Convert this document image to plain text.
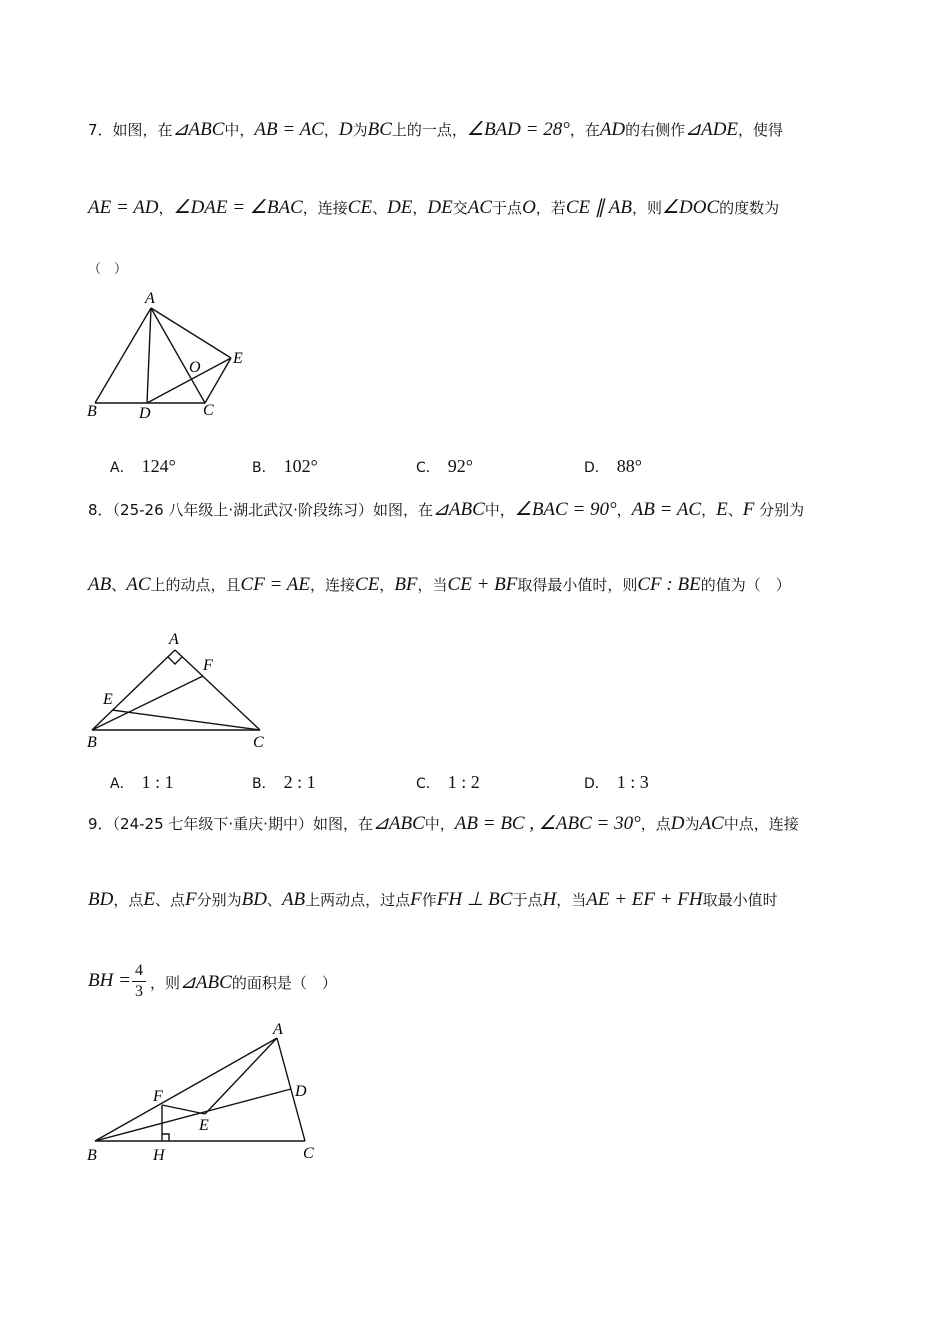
7．如图，在⊿ABC中，AB = AC，D为BC上的一点，∠BAD = 28°，在AD的右侧作⊿ADE，使得
AE = AD，∠DAE = ∠BAC，连接CE、DE，DE交AC于点O，若CE ∥ AB，则∠DOC的度数为
（　）
A
B	D	C
O
E
A． 124°	B． 102°	C． 92°	D． 88°
8．（25-26 八年级上·湖北武汉·阶段练习）如图，在⊿ABC中，∠BAC = 90°，AB = AC，E、F 分别为
AB、AC上的动点，且CF = AE，连接CE，BF，当CE + BF取得最小值时，则CF : BE的值为（　）
A
F
E
B	C
A． 1 : 1	B． 2 : 1	C． 1 : 2	D． 1 : 3
9．（24-25 七年级下·重庆·期中）如图，在⊿ABC中，AB = BC , ∠ABC = 30°，点D为AC中点，连接
BD，点E、点F分别为BD、AB上两动点，过点F作FH ⊥ BC于点H，当AE + EF + FH取最小值时
BH = 4
3 ，则⊿ABC的面积是（　）
A
D
F
E
B	H	C
